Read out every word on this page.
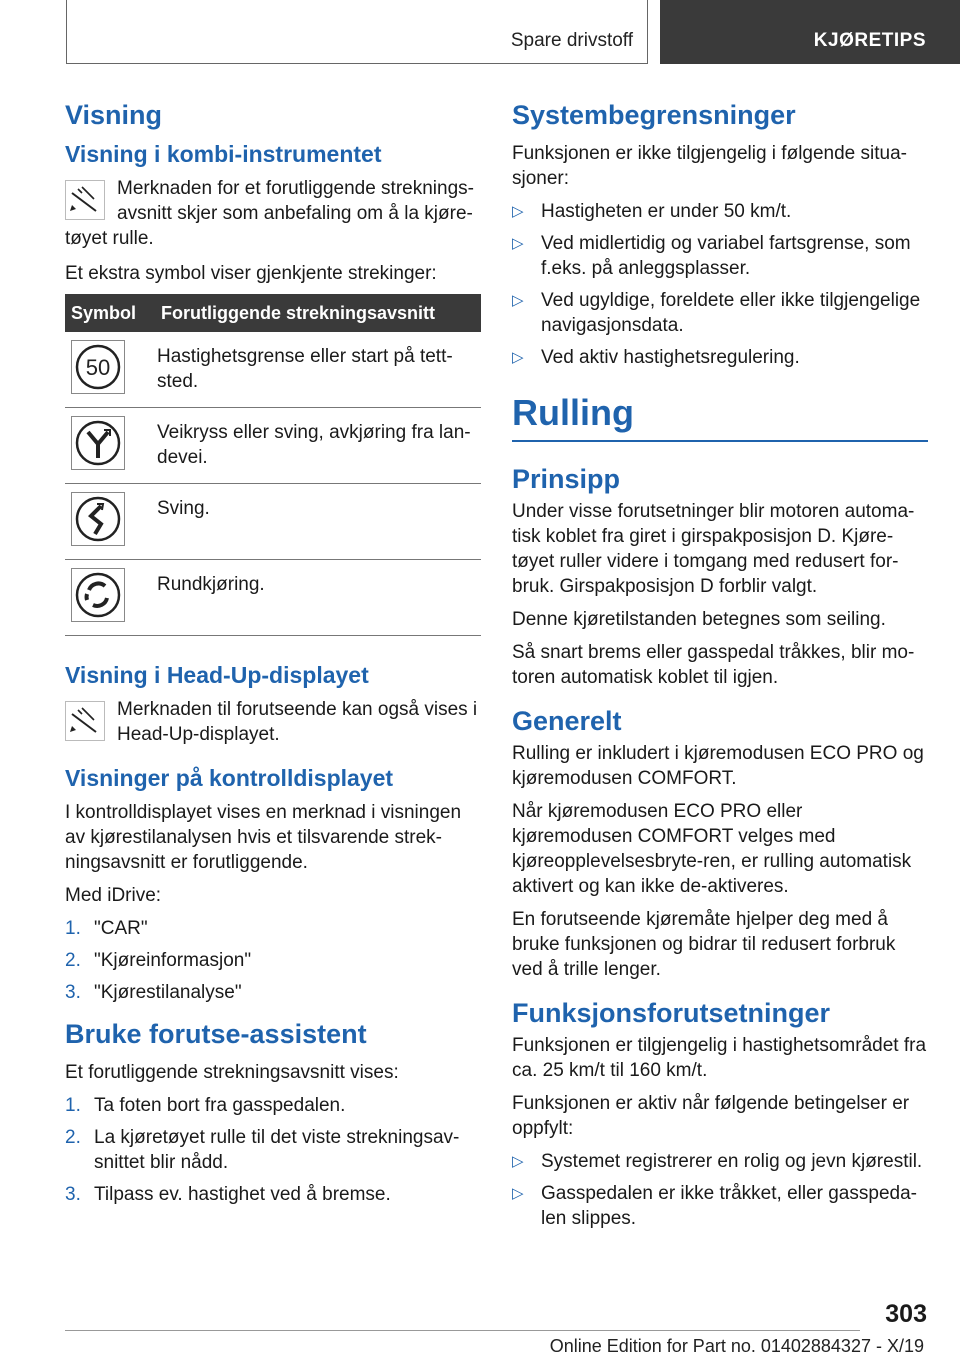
Spare drivstoff	KJØRETIPS
Visning
Visning i kombi-instrumentet

Merknaden for et forutliggende streknings-avsnitt skjer som anbefaling om å la kjøre-tøyet rulle.

Et ekstra symbol viser gjenkjente strekinger:

Symbol	Forutliggende strekningsavsnitt

50	Hastighetsgrense eller start på tett-sted.

	Veikryss eller sving, avkjøring fra lan-devei.

	Sving.

	Rundkjøring.
Visning i Head-Up-displayet

Merknaden til forutseende kan også vises i Head-Up-displayet.

Visninger på kontrolldisplayet

I kontrolldisplayet vises en merknad i visningen av kjørestilanalysen hvis et tilsvarende strek-ningsavsnitt er forutliggende.

Med iDrive:

1. "CAR"
2. "Kjøreinformasjon"
3. "Kjørestilanalyse"
Bruke forutse-assistent

Et forutliggende strekningsavsnitt vises:

1. Ta foten bort fra gasspedalen.
2. La kjøretøyet rulle til det viste strekningsav-snittet blir nådd.
3. Tilpass ev. hastighet ved å bremse.
Systembegrensninger

Funksjonen er ikke tilgjengelig i følgende situa-sjoner:

▷ Hastigheten er under 50 km/t.
▷ Ved midlertidig og variabel fartsgrense, som f.eks. på anleggsplasser.
▷ Ved ugyldige, foreldete eller ikke tilgjengelige navigasjonsdata.
▷ Ved aktiv hastighetsregulering.
Rulling
Prinsipp

Under visse forutsetninger blir motoren automa-tisk koblet fra giret i girspakposisjon D. Kjøre-tøyet ruller videre i tomgang med redusert for-bruk. Girspakposisjon D forblir valgt.

Denne kjøretilstanden betegnes som seiling.

Så snart brems eller gasspedal tråkkes, blir mo-toren automatisk koblet til igjen.

Generelt

Rulling er inkludert i kjøremodusen ECO PRO og kjøremodusen COMFORT.

Når kjøremodusen ECO PRO eller kjøremodusen COMFORT velges med kjøreopplevelsesbryte-ren, er rulling automatisk aktivert og kan ikke de-aktiveres.

En forutseende kjøremåte hjelper deg med å bruke funksjonen og bidrar til redusert forbruk ved å trille lenger.

Funksjonsforutsetninger

Funksjonen er tilgjengelig i hastighetsområdet fra ca. 25 km/t til 160 km/t.

Funksjonen er aktiv når følgende betingelser er oppfylt:

▷ Systemet registrerer en rolig og jevn kjørestil.
▷ Gasspedalen er ikke tråkket, eller gasspeda-len slippes.
303
Online Edition for Part no. 01402884327 - X/19
